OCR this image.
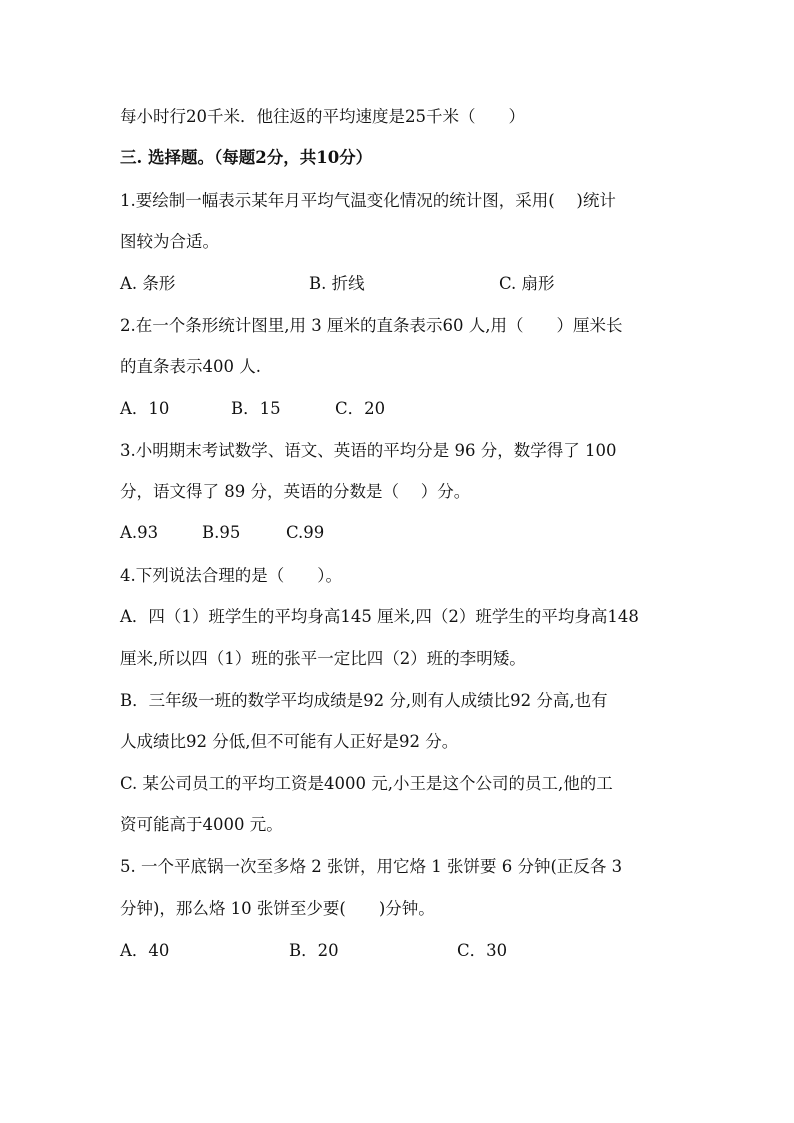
每小时行20千米．他往返的平均速度是25千米（　　）
三. 选择题。（每题2分，共10分）
1.要绘制一幅表示某年月平均气温变化情况的统计图，采用(　 )统计
图较为合适。
A. 条形	B. 折线	C. 扇形
2.在一个条形统计图里,用 3 厘米的直条表示60 人,用（　　）厘米长
的直条表示400 人.
A．10	B．15	C．20
3.小明期末考试数学、语文、英语的平均分是 96 分，数学得了 100
分，语文得了 89 分，英语的分数是（　 ）分。
A.93	B.95	C.99
4.下列说法合理的是（　　）。
A．四（1）班学生的平均身高145 厘米,四（2）班学生的平均身高148
厘米,所以四（1）班的张平一定比四（2）班的李明矮。
B．三年级一班的数学平均成绩是92 分,则有人成绩比92 分高,也有
人成绩比92 分低,但不可能有人正好是92 分。
C. 某公司员工的平均工资是4000 元,小王是这个公司的员工,他的工
资可能高于4000 元。
5. 一个平底锅一次至多烙 2 张饼，用它烙 1 张饼要 6 分钟(正反各 3
分钟)，那么烙 10 张饼至少要(　　)分钟。
A．40	B．20	C．30
